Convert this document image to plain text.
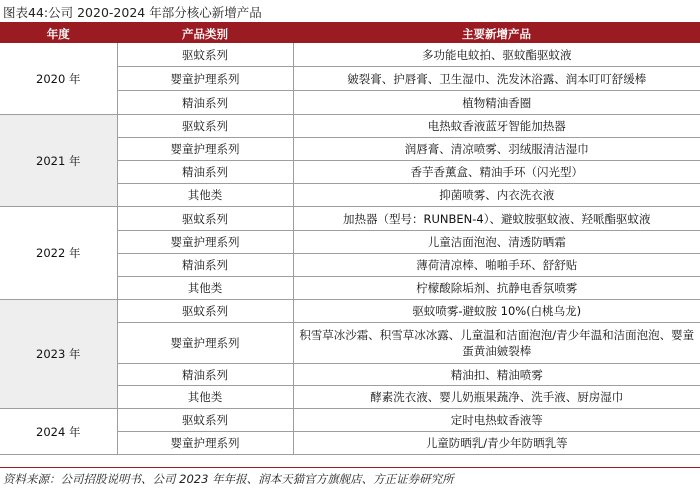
图表44:公司 2020-2024 年部分核心新增产品
年度	产品类别	主要新增产品
2020 年	驱蚊系列	多功能电蚊拍、驱蚊酯驱蚊液
	婴童护理系列	皴裂膏、护唇膏、卫生湿巾、洗发沐浴露、润本叮叮舒缓棒
	精油系列	植物精油香圈
2021 年	驱蚊系列	电热蚊香液蓝牙智能加热器
	婴童护理系列	润唇膏、清凉喷雾、羽绒服清洁湿巾
	精油系列	香芋香薰盒、精油手环（闪光型）
	其他类	抑菌喷雾、内衣洗衣液
2022 年	驱蚊系列	加热器（型号：RUNBEN-4）、避蚊胺驱蚊液、羟哌酯驱蚊液
	婴童护理系列	儿童洁面泡泡、清透防晒霜
	精油系列	薄荷清凉棒、啪啪手环、舒舒贴
	其他类	柠檬酸除垢剂、抗静电香氛喷雾
2023 年	驱蚊系列	驱蚊喷雾-避蚊胺 10%(白桃乌龙)
	婴童护理系列	积雪草冰沙霜、积雪草冰冰露、儿童温和洁面泡泡/青少年温和洁面泡泡、婴童蛋黄油皴裂棒
	精油系列	精油扣、精油喷雾
	其他类	酵素洗衣液、婴儿奶瓶果蔬净、洗手液、厨房湿巾
2024 年	驱蚊系列	定时电热蚊香液等
	婴童护理系列	儿童防晒乳/青少年防晒乳等
资料来源：公司招股说明书、公司 2023 年年报、润本天猫官方旗舰店、方正证券研究所
